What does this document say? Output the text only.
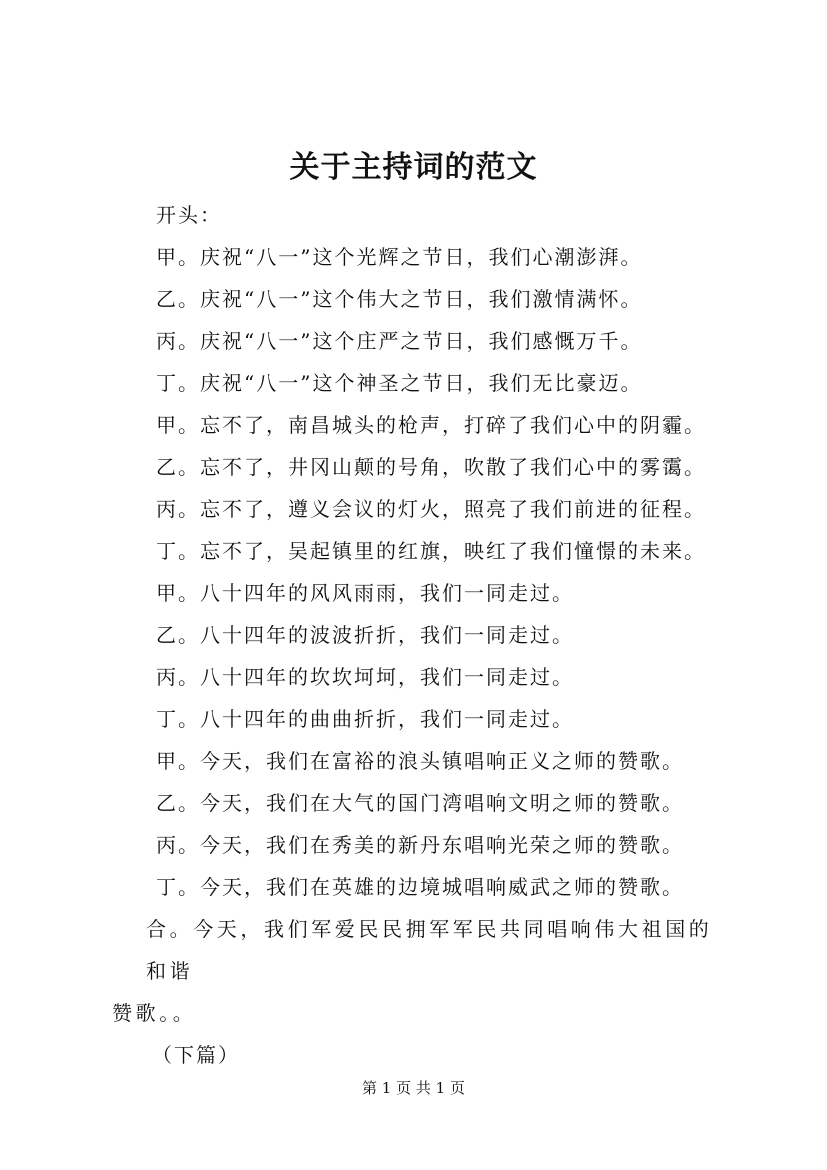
关于主持词的范文
开头：
甲。庆祝“八一”这个光辉之节日，我们心潮澎湃。
乙。庆祝“八一”这个伟大之节日，我们激情满怀。
丙。庆祝“八一”这个庄严之节日，我们感慨万千。
丁。庆祝“八一”这个神圣之节日，我们无比豪迈。
甲。忘不了，南昌城头的枪声，打碎了我们心中的阴霾。
乙。忘不了，井冈山颠的号角，吹散了我们心中的雾霭。
丙。忘不了，遵义会议的灯火，照亮了我们前进的征程。
丁。忘不了，吴起镇里的红旗，映红了我们憧憬的未来。
甲。八十四年的风风雨雨，我们一同走过。
乙。八十四年的波波折折，我们一同走过。
丙。八十四年的坎坎坷坷，我们一同走过。
丁。八十四年的曲曲折折，我们一同走过。
甲。今天，我们在富裕的浪头镇唱响正义之师的赞歌。
乙。今天，我们在大气的国门湾唱响文明之师的赞歌。
丙。今天，我们在秀美的新丹东唱响光荣之师的赞歌。
丁。今天，我们在英雄的边境城唱响威武之师的赞歌。
合。今天，我们军爱民民拥军军民共同唱响伟大祖国的和谐
赞歌。。
（下篇）
第 1 页 共 1 页
